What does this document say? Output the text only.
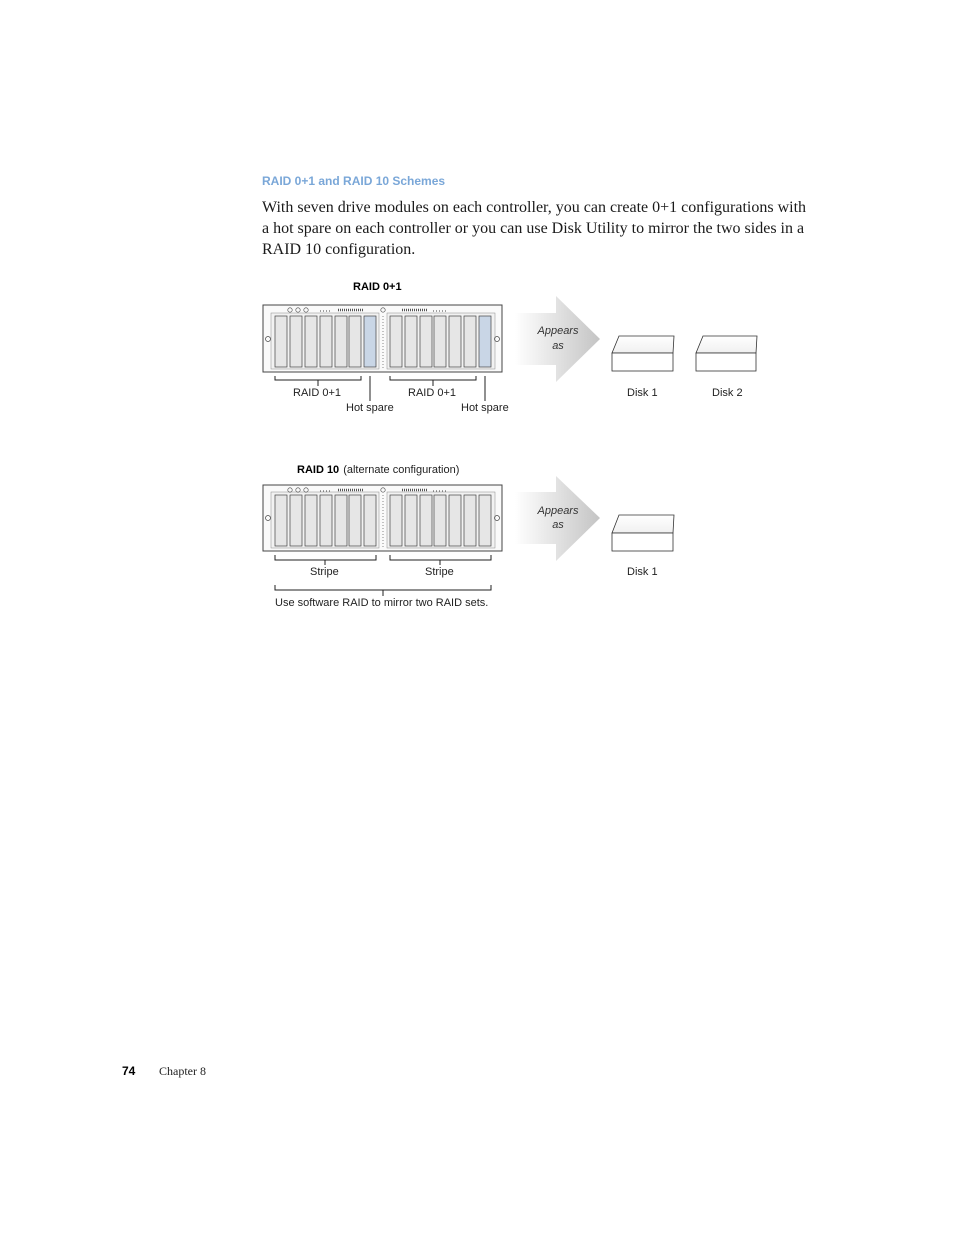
RAID 0+1 and RAID 10 Schemes
With seven drive modules on each controller, you can create 0+1 configurations with a hot spare on each controller or you can use Disk Utility to mirror the two sides in a RAID 10 configuration.
RAID 0+1
RAID 0+1	RAID 0+1
Hot spare	Hot spare
Appears
as
Disk 1	Disk 2
RAID 10 (alternate configuration)
Stripe	Stripe
Use software RAID to mirror two RAID sets.
Appears
as
Disk 1
74 Chapter 8
